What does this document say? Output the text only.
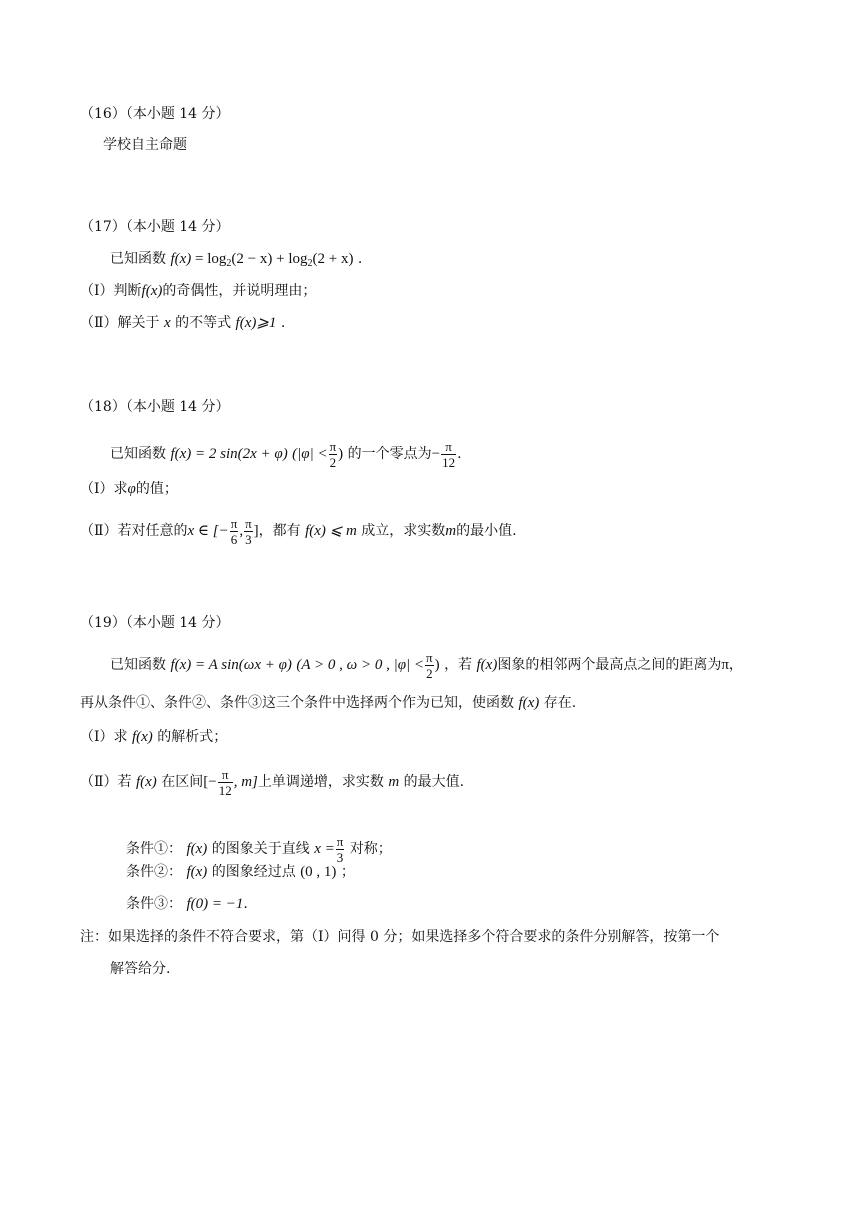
（16）（本小题 14 分）
学校自主命题
（17）（本小题 14 分）
已知函数 $f(x) = \log_2(2 - x) + \log_2(2 + x)$ .
（Ⅰ）判断f(x)的奇偶性，并说明理由；
（Ⅱ）解关于 x 的不等式 f(x)⩾1 .
（18）（本小题 14 分）
已知函数 f(x) = 2 sin(2x + φ) ($|\varphi| < \frac{\pi}{2}$ ) 的一个零点为− $\frac{\pi}{12}$ .
（Ⅰ）求φ的值；
（Ⅱ）若对任意的x ∈ [− $\frac{\pi}{6}$ , $\frac{\pi}{3}$ ]，都有 f(x) ⩽ m 成立，求实数m的最小值.
（19）（本小题 14 分）
已知函数 f(x) = A sin(ωx + φ) (A > 0 , ω > 0 , $|\varphi| < \frac{\pi}{2}$ ) ，若 f(x)图象的相邻两个最高点之间的距离为π，
再从条件①、条件②、条件③这三个条件中选择两个作为已知，使函数 f(x) 存在.
（Ⅰ）求 f(x) 的解析式；
（Ⅱ）若 f(x) 在区间[− $\frac{\pi}{12}$ , m]上单调递增，求实数 m 的最大值.
条件①： f(x) 的图象关于直线 $x = \frac{\pi}{3}$ 对称；
条件②： f(x) 的图象经过点 (0 , 1) ；
条件③： f(0) = −1.
注：如果选择的条件不符合要求，第（Ⅰ）问得 0 分；如果选择多个符合要求的条件分别解答，按第一个
解答给分.
